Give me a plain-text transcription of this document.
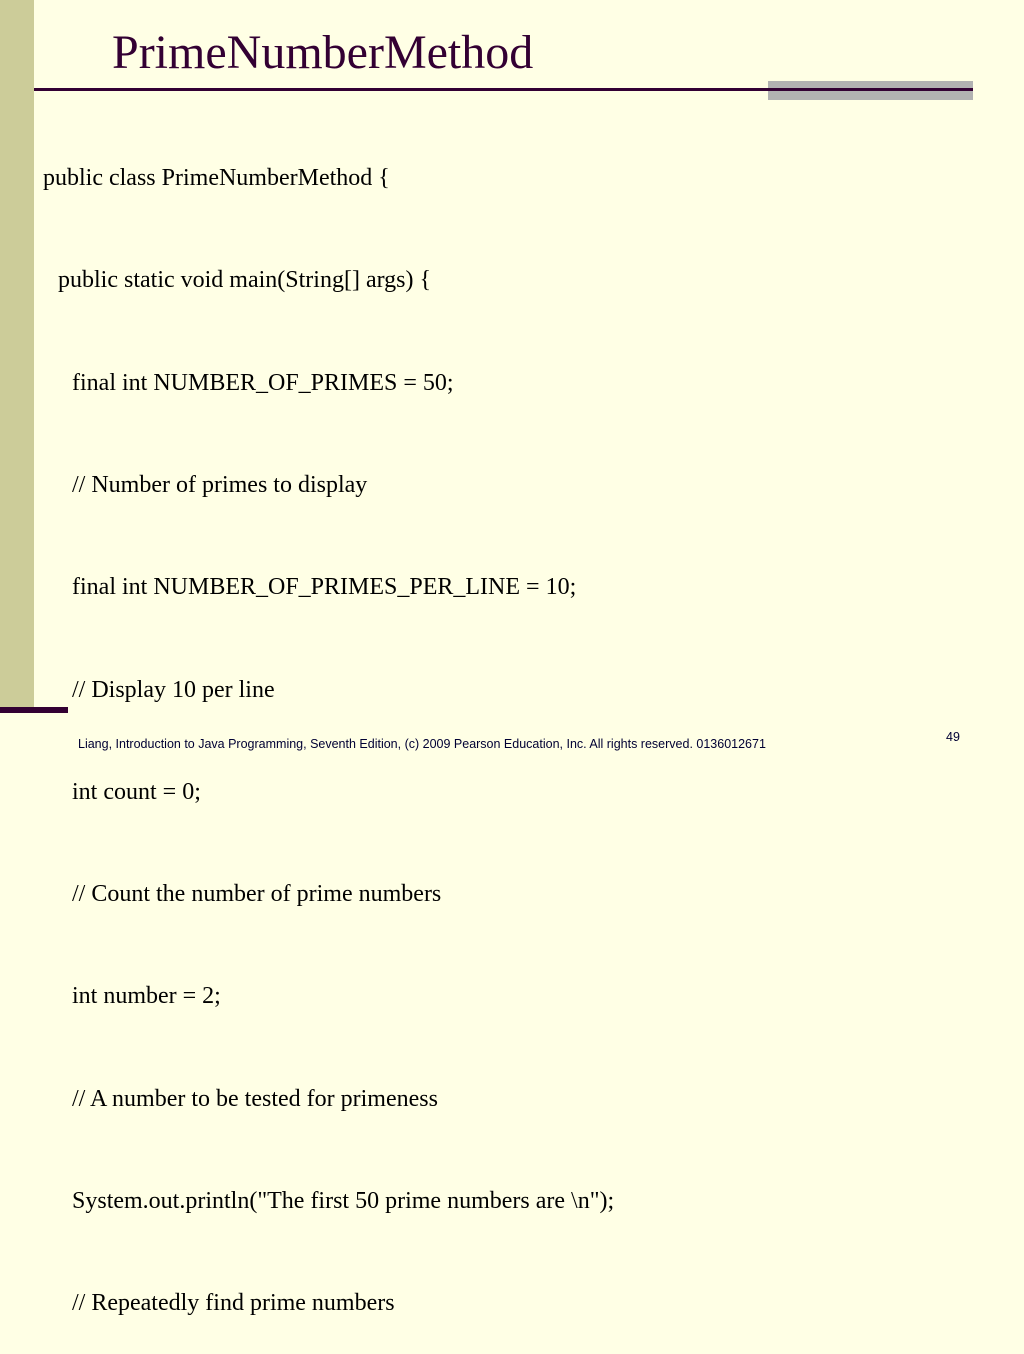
PrimeNumberMethod

public class PrimeNumberMethod {

public static void main(String[] args) {

final int NUMBER_OF_PRIMES = 50;

// Number of primes to display

final int NUMBER_OF_PRIMES_PER_LINE = 10;

// Display 10 per line

int count = 0;

// Count the number of prime numbers

int number = 2;

// A number to be tested for primeness

System.out.println("The first 50 prime numbers are \n");

// Repeatedly find prime numbers

Liang, Introduction to Java Programming, Seventh Edition, (c) 2009 Pearson Education, Inc. All rights reserved. 0136012671	49
